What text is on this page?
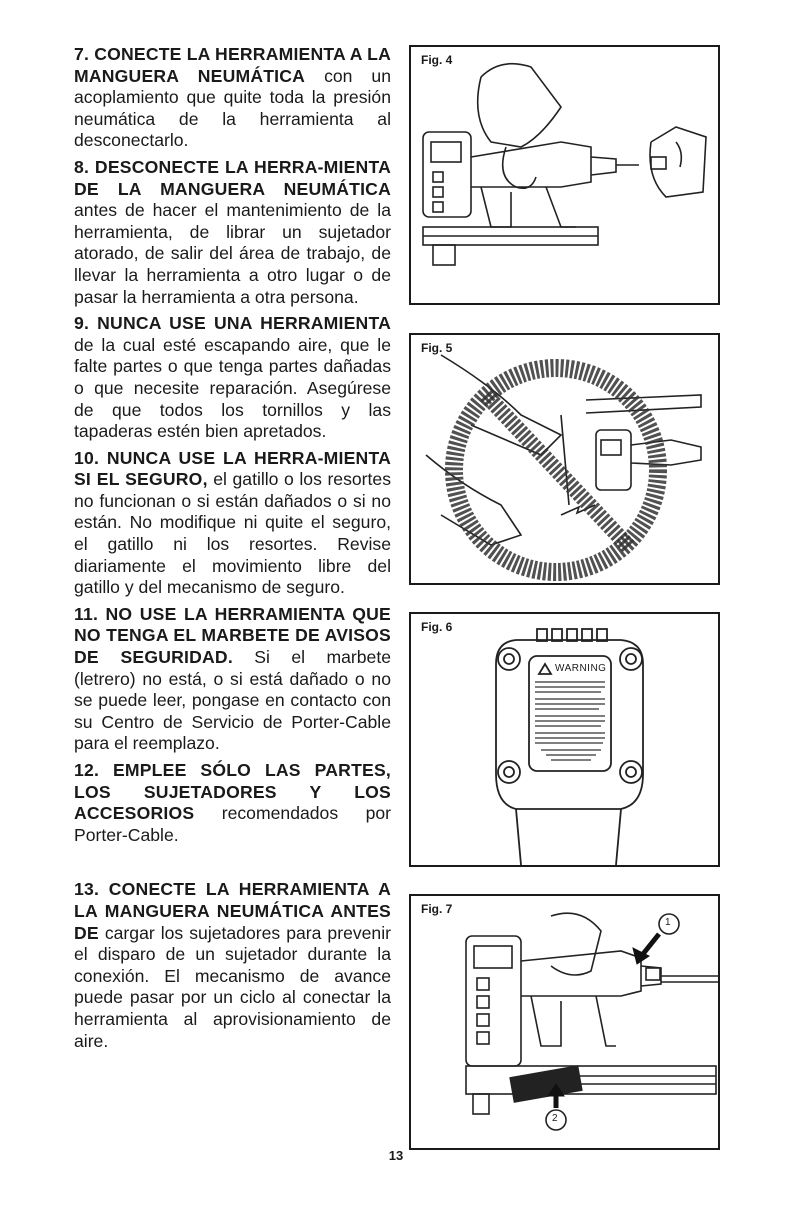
7. CONECTE LA HERRAMIENTA A LA MANGUERA NEUMÁTICA con un acoplamiento que quite toda la presión neumática de la herramienta al desconectarlo.

8. DESCONECTE LA HERRA-MIENTA DE LA MANGUERA NEUMÁTICA antes de hacer el mantenimiento de la herramienta, de librar un sujetador atorado, de salir del área de trabajo, de llevar la herramienta a otro lugar o de pasar la herramienta a otra persona.

9. NUNCA USE UNA HERRAMIENTA de la cual esté escapando aire, que le falte partes o que tenga partes dañadas o que necesite reparación. Asegúrese de que todos los tornillos y las tapaderas estén bien apretados.

10. NUNCA USE LA HERRA-MIENTA SI EL SEGURO, el gatillo o los resortes no funcionan o si están dañados o si no están. No modifique ni quite el seguro, el gatillo ni los resortes. Revise diariamente el movimiento libre del gatillo y del mecanismo de seguro.

11. NO USE LA HERRAMIENTA QUE NO TENGA EL MARBETE DE AVISOS DE SEGURIDAD. Si el marbete (letrero) no está, o si está dañado o no se puede leer, pongase en contacto con su Centro de Servicio de Porter-Cable para el reemplazo.

12. EMPLEE SÓLO LAS PARTES, LOS SUJETADORES Y LOS ACCESORIOS recomendados por Porter-Cable.

13. CONECTE LA HERRAMIENTA A LA MANGUERA NEUMÁTICA ANTES DE cargar los sujetadores para prevenir el disparo de un sujetador durante la conexión. El mecanismo de avance puede pasar por un ciclo al conectar la herramienta al aprovisionamiento de aire.

Fig. 4
Fig. 5
Fig. 6
WARNING
Fig. 7
1
2
13
